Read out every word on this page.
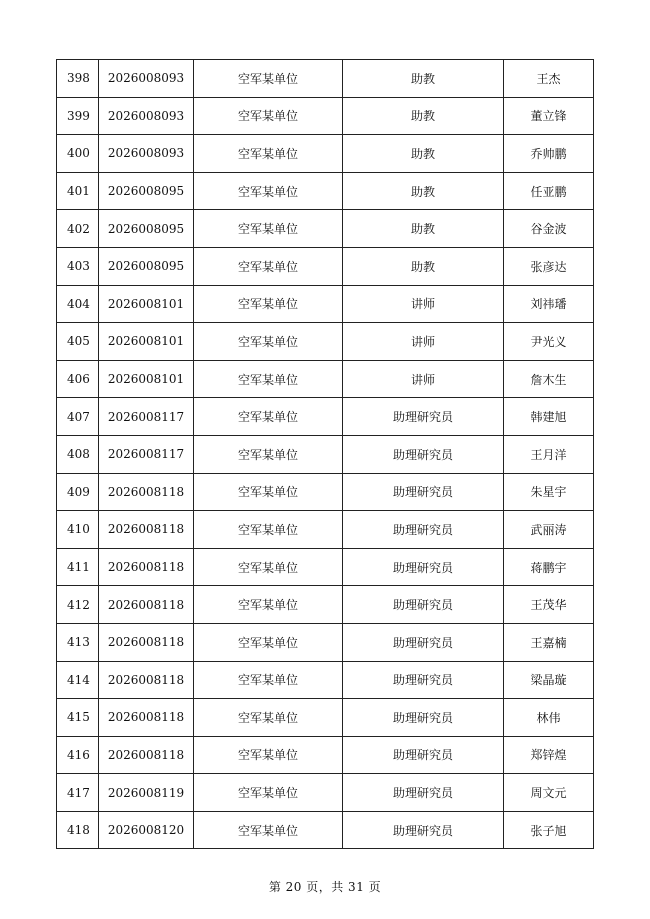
398	2026008093	空军某单位	助教	王杰
399	2026008093	空军某单位	助教	董立锋
400	2026008093	空军某单位	助教	乔帅鹏
401	2026008095	空军某单位	助教	任亚鹏
402	2026008095	空军某单位	助教	谷金波
403	2026008095	空军某单位	助教	张彦达
404	2026008101	空军某单位	讲师	刘祎璠
405	2026008101	空军某单位	讲师	尹光义
406	2026008101	空军某单位	讲师	詹木生
407	2026008117	空军某单位	助理研究员	韩建旭
408	2026008117	空军某单位	助理研究员	王月洋
409	2026008118	空军某单位	助理研究员	朱星宇
410	2026008118	空军某单位	助理研究员	武丽涛
411	2026008118	空军某单位	助理研究员	蒋鹏宇
412	2026008118	空军某单位	助理研究员	王茂华
413	2026008118	空军某单位	助理研究员	王嘉楠
414	2026008118	空军某单位	助理研究员	梁晶璇
415	2026008118	空军某单位	助理研究员	林伟
416	2026008118	空军某单位	助理研究员	郑锌煌
417	2026008119	空军某单位	助理研究员	周文元
418	2026008120	空军某单位	助理研究员	张子旭
第 20 页，共 31 页
